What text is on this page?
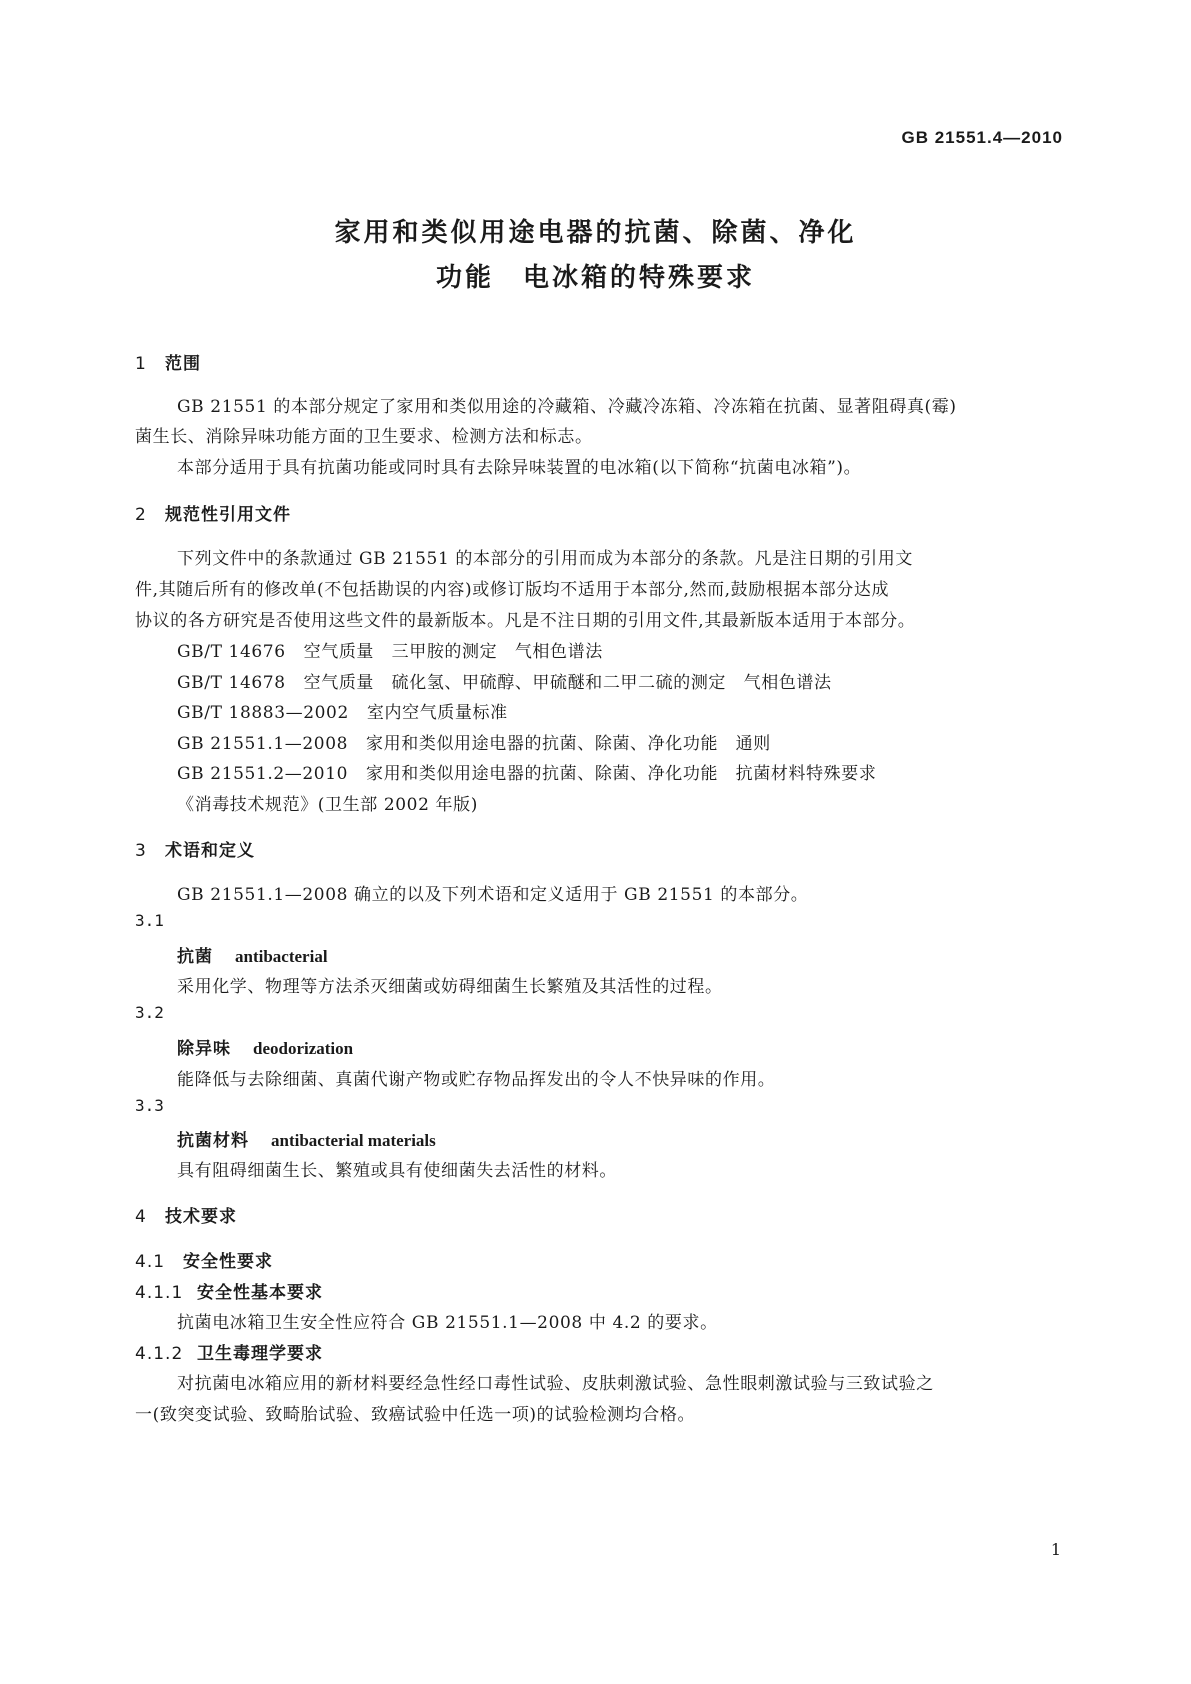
GB 21551.4—2010
家用和类似用途电器的抗菌、除菌、净化
功能　电冰箱的特殊要求
1 范围
GB 21551 的本部分规定了家用和类似用途的冷藏箱、冷藏冷冻箱、冷冻箱在抗菌、显著阻碍真(霉)
菌生长、消除异味功能方面的卫生要求、检测方法和标志。
本部分适用于具有抗菌功能或同时具有去除异味装置的电冰箱(以下简称“抗菌电冰箱”)。
2 规范性引用文件
下列文件中的条款通过 GB 21551 的本部分的引用而成为本部分的条款。凡是注日期的引用文
件,其随后所有的修改单(不包括勘误的内容)或修订版均不适用于本部分,然而,鼓励根据本部分达成
协议的各方研究是否使用这些文件的最新版本。凡是不注日期的引用文件,其最新版本适用于本部分。
GB/T 14676 空气质量　三甲胺的测定　气相色谱法
GB/T 14678 空气质量　硫化氢、甲硫醇、甲硫醚和二甲二硫的测定　气相色谱法
GB/T 18883—2002 室内空气质量标准
GB 21551.1—2008 家用和类似用途电器的抗菌、除菌、净化功能　通则
GB 21551.2—2010 家用和类似用途电器的抗菌、除菌、净化功能　抗菌材料特殊要求
《消毒技术规范》(卫生部 2002 年版)
3 术语和定义
GB 21551.1—2008 确立的以及下列术语和定义适用于 GB 21551 的本部分。
3.1
抗菌 antibacterial
采用化学、物理等方法杀灭细菌或妨碍细菌生长繁殖及其活性的过程。
3.2
除异味 deodorization
能降低与去除细菌、真菌代谢产物或贮存物品挥发出的令人不快异味的作用。
3.3
抗菌材料 antibacterial materials
具有阻碍细菌生长、繁殖或具有使细菌失去活性的材料。
4 技术要求
4.1 安全性要求
4.1.1 安全性基本要求
抗菌电冰箱卫生安全性应符合 GB 21551.1—2008 中 4.2 的要求。
4.1.2 卫生毒理学要求
对抗菌电冰箱应用的新材料要经急性经口毒性试验、皮肤刺激试验、急性眼刺激试验与三致试验之
一(致突变试验、致畸胎试验、致癌试验中任选一项)的试验检测均合格。
1
